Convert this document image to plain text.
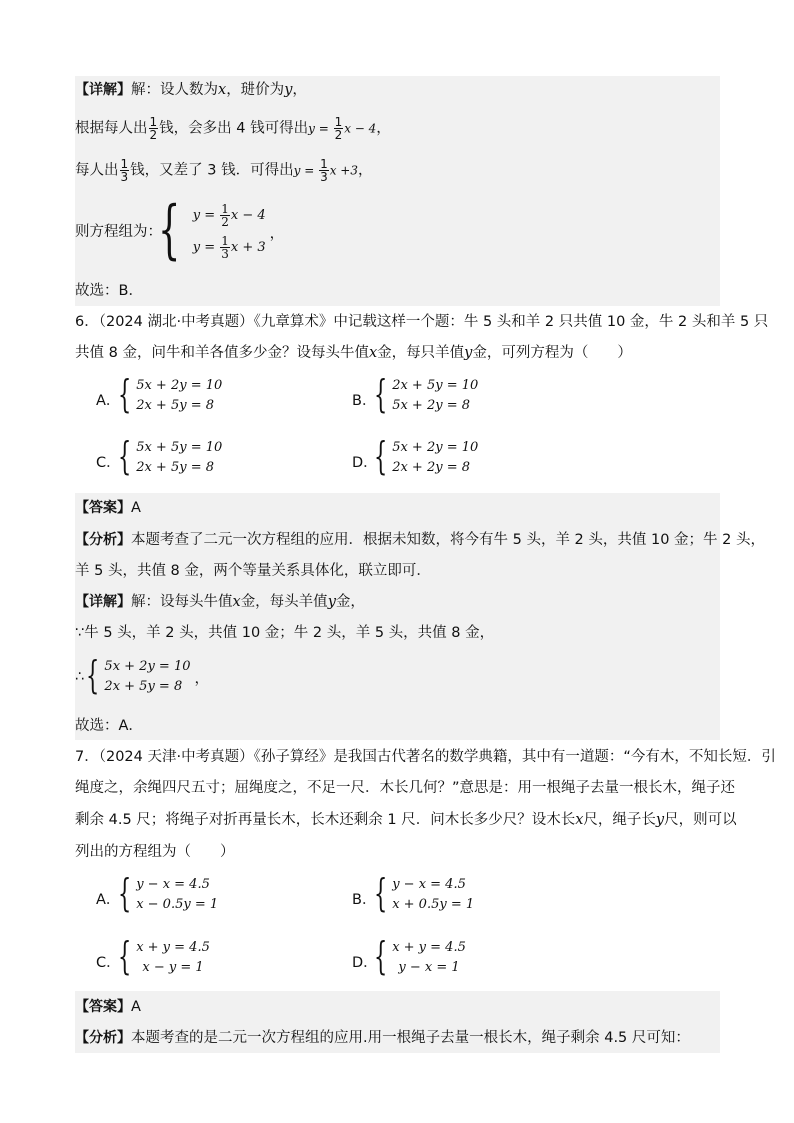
【详解】解：设人数为x，琎价为y，
根据每人出 $\frac{1}{2}$ 钱，会多出 4 钱可得出$y = \frac{1}{2}$ x − 4，
每人出 $\frac{1}{3}$ 钱，又差了 3 钱．可得出$y = \frac{1}{3}$ x +3，
则方程组为：
{ $y = \frac{1}{2}$ x − 4
$y = \frac{1}{3}$ x + 3
，
故选：B．
6．（2024 湖北·中考真题）《九章算术》中记载这样一个题：牛 5 头和羊 2 只共值 10 金，牛 2 头和羊 5 只
共值 8 金，问牛和羊各值多少金？设每头牛值x金，每只羊值y金，可列方程为（　　）
A．
{ 5x + 2y = 10
2x + 5y = 8	B．
{ 2x + 5y = 10
5x + 2y = 8
C．
{ 5x + 5y = 10
2x + 5y = 8	D．
{ 5x + 2y = 10
2x + 2y = 8
【答案】A
【分析】本题考查了二元一次方程组的应用．根据未知数，将今有牛 5 头，羊 2 头，共值 10 金；牛 2 头，
羊 5 头，共值 8 金，两个等量关系具体化，联立即可．
【详解】解：设每头牛值x金，每头羊值y金，
∵牛 5 头，羊 2 头，共值 10 金；牛 2 头，羊 5 头，共值 8 金，
∴ { 5x + 2y = 10
2x + 5y = 8 ，
故选：A．
7．（2024 天津·中考真题）《孙子算经》是我国古代著名的数学典籍，其中有一道题：“今有木，不知长短．引
绳度之，余绳四尺五寸；屈绳度之，不足一尺．木长几何？”意思是：用一根绳子去量一根长木，绳子还
剩余 4.5 尺；将绳子对折再量长木，长木还剩余 1 尺．问木长多少尺？设木长x尺，绳子长y尺，则可以
列出的方程组为（　　）
A．
{ y − x = 4.5
x − 0.5y = 1	B．
{ y − x = 4.5
x + 0.5y = 1
C．
{ x + y = 4.5
x − y = 1	D．
{ x + y = 4.5
y − x = 1
【答案】A
【分析】本题考查的是二元一次方程组的应用.用一根绳子去量一根长木，绳子剩余 4.5 尺可知：
